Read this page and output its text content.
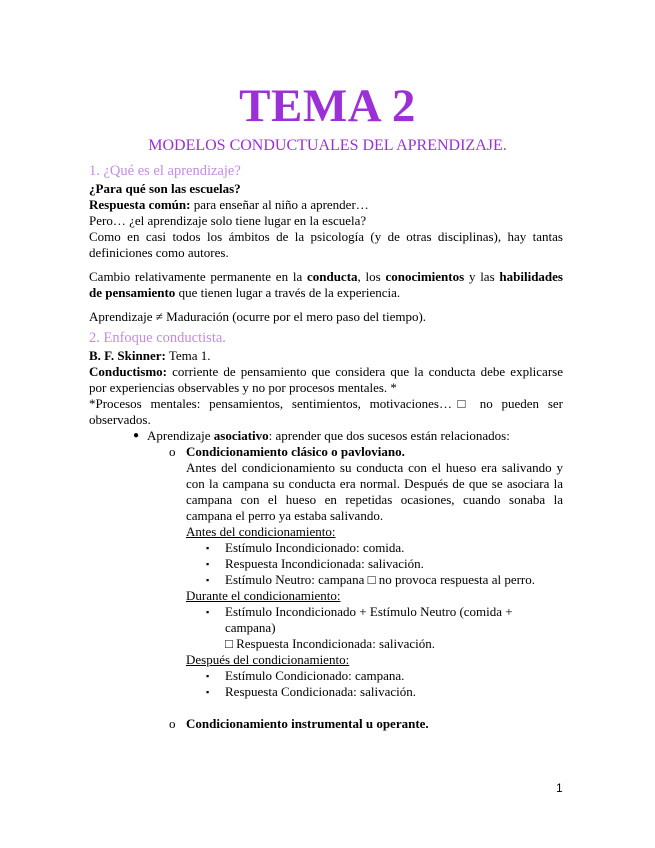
TEMA 2
MODELOS CONDUCTUALES DEL APRENDIZAJE.

1. ¿Qué es el aprendizaje?

¿Para qué son las escuelas?

Respuesta común: para enseñar al niño a aprender…

Pero… ¿el aprendizaje solo tiene lugar en la escuela?

Como en casi todos los ámbitos de la psicología (y de otras disciplinas), hay tantas definiciones como autores.

Cambio relativamente permanente en la conducta, los conocimientos y las habilidades de pensamiento que tienen lugar a través de la experiencia.

Aprendizaje ≠ Maduración (ocurre por el mero paso del tiempo).

2. Enfoque conductista.

B. F. Skinner: Tema 1.

Conductismo: corriente de pensamiento que considera que la conducta debe explicarse por experiencias observables y no por procesos mentales. *

*Procesos mentales: pensamientos, sentimientos, motivaciones…□ no pueden ser observados.

● Aprendizaje asociativo: aprender que dos sucesos están relacionados:
o Condicionamiento clásico o pavloviano.

Antes del condicionamiento su conducta con el hueso era salivando y con la campana su conducta era normal. Después de que se asociara la campana con el hueso en repetidas ocasiones, cuando sonaba la campana el perro ya estaba salivando.

Antes del condicionamiento:

▪ Estímulo Incondicionado: comida.
▪ Respuesta Incondicionada: salivación.
▪ Estímulo Neutro: campana □ no provoca respuesta al perro.

Durante el condicionamiento:

▪ Estímulo Incondicionado + Estímulo Neutro (comida + campana)

□ Respuesta Incondicionada: salivación.

Después del condicionamiento:

▪ Estímulo Condicionado: campana.
▪ Respuesta Condicionada: salivación.
o Condicionamiento instrumental u operante.
1
